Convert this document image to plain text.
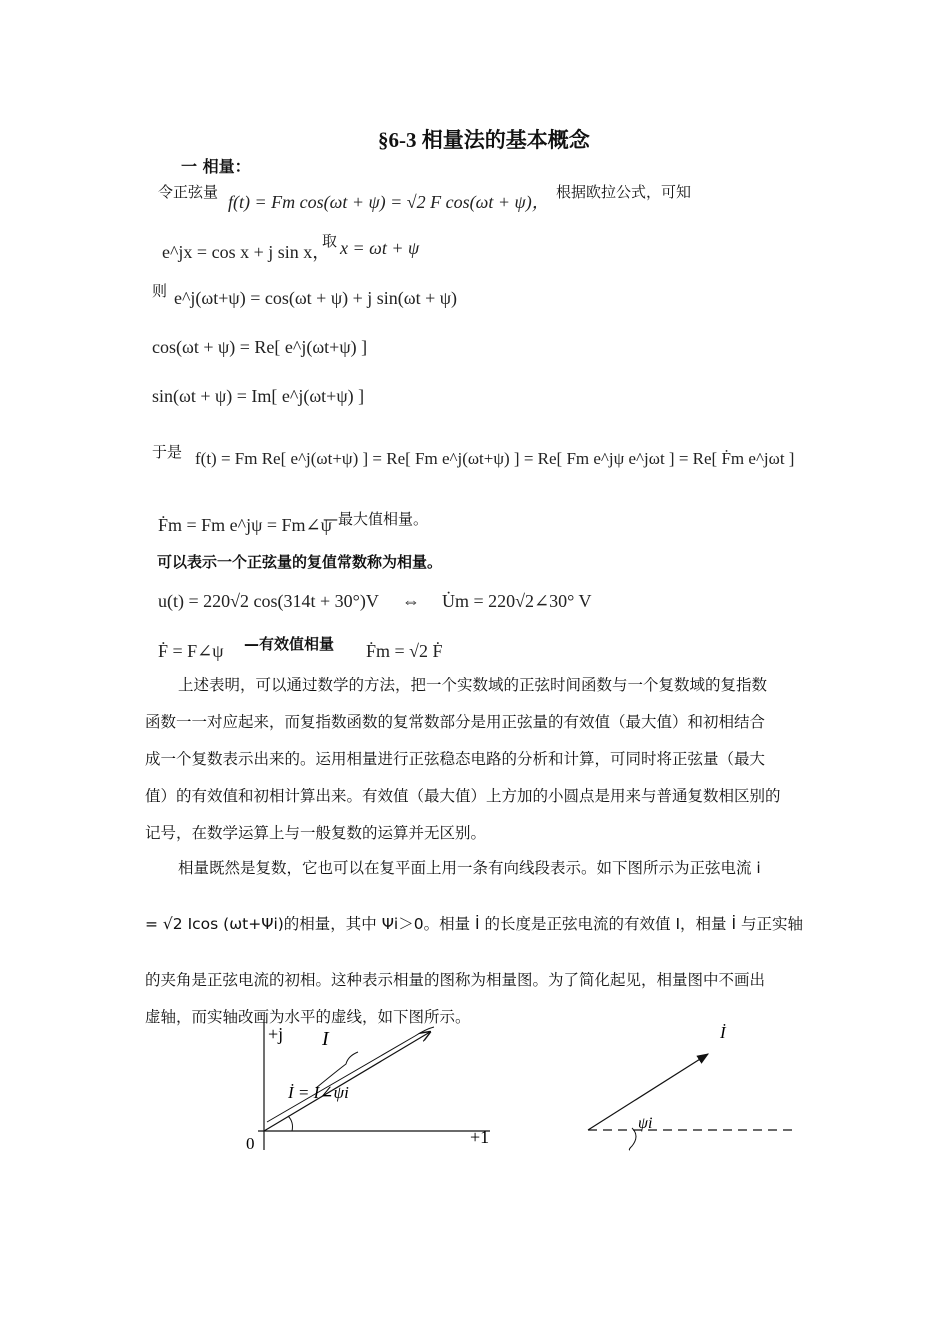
§6-3 相量法的基本概念
一 相量：
令正弦量 f(t) = Fm cos(ωt + ψ) = √2 F cos(ωt + ψ)， 根据欧拉公式，可知
e^jx = cos x + j sin x，
取 x = ωt + ψ
则 e^j(ωt+ψ) = cos(ωt + ψ) + j sin(ωt + ψ)
cos(ωt + ψ) = Re[ e^j(ωt+ψ) ]
sin(ωt + ψ) = Im[ e^j(ωt+ψ) ]
于是 f(t) = Fm Re[ e^j(ωt+ψ) ] = Re[ Fm e^j(ωt+ψ) ] = Re[ Fm e^jψ e^jωt ] = Re[ Ḟm e^jωt ]
Ḟm = Fm e^jψ = Fm∠ψ
—最大值相量。
可以表示一个正弦量的复值常数称为相量。
u(t) = 220√2 cos(314t + 30°)V ⇔ U̇m = 220√2∠30° V
Ḟ = F∠ψ —有效值相量 Ḟm = √2 Ḟ
上述表明，可以通过数学的方法，把一个实数域的正弦时间函数与一个复数域的复指数
函数一一对应起来，而复指数函数的复常数部分是用正弦量的有效值（最大值）和初相结合
成一个复数表示出来的。运用相量进行正弦稳态电路的分析和计算，可同时将正弦量（最大
值）的有效值和初相计算出来。有效值（最大值）上方加的小圆点是用来与普通复数相区别的
记号，在数学运算上与一般复数的运算并无区别。
相量既然是复数，它也可以在复平面上用一条有向线段表示。如下图所示为正弦电流 i
= √2 Icos (ωt+Ψi)的相量，其中 Ψi＞0。相量 İ 的长度是正弦电流的有效值 I，相量 İ 与正实轴
的夹角是正弦电流的初相。这种表示相量的图称为相量图。为了简化起见，相量图中不画出
虚轴，而实轴改画为水平的虚线，如下图所示。
+j
+1
0
I
İ = I∠ψi
İ
ψi
